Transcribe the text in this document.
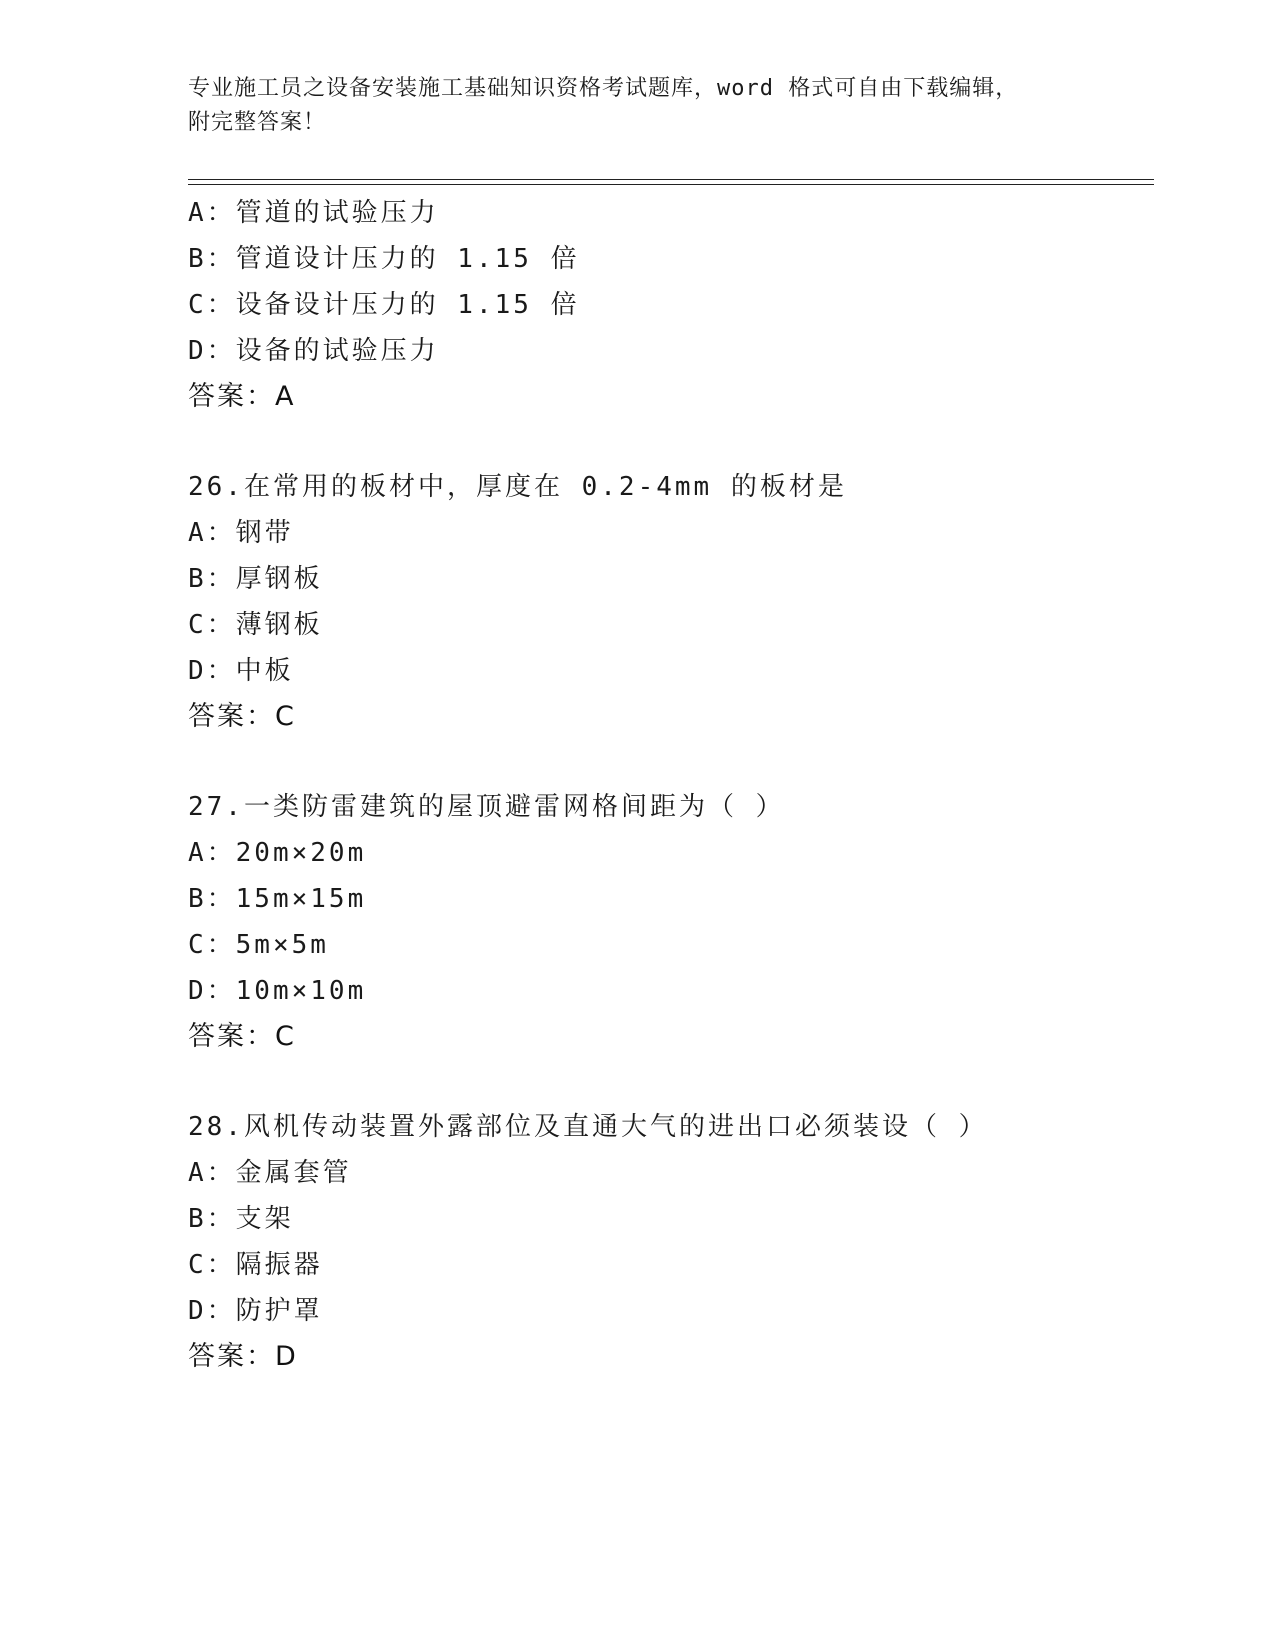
专业施工员之设备安装施工基础知识资格考试题库，word 格式可自由下载编辑，
附完整答案！
A：管道的试验压力
B：管道设计压力的 1.15 倍
C：设备设计压力的 1.15 倍
D：设备的试验压力
答案：A
26.在常用的板材中，厚度在 0.2-4mm 的板材是
A：钢带
B：厚钢板
C：薄钢板
D：中板
答案：C
27.一类防雷建筑的屋顶避雷网格间距为（ ）
A：20m×20m
B：15m×15m
C：5m×5m
D：10m×10m
答案：C
28.风机传动装置外露部位及直通大气的进出口必须装设（ ）
A：金属套管
B：支架
C：隔振器
D：防护罩
答案：D
